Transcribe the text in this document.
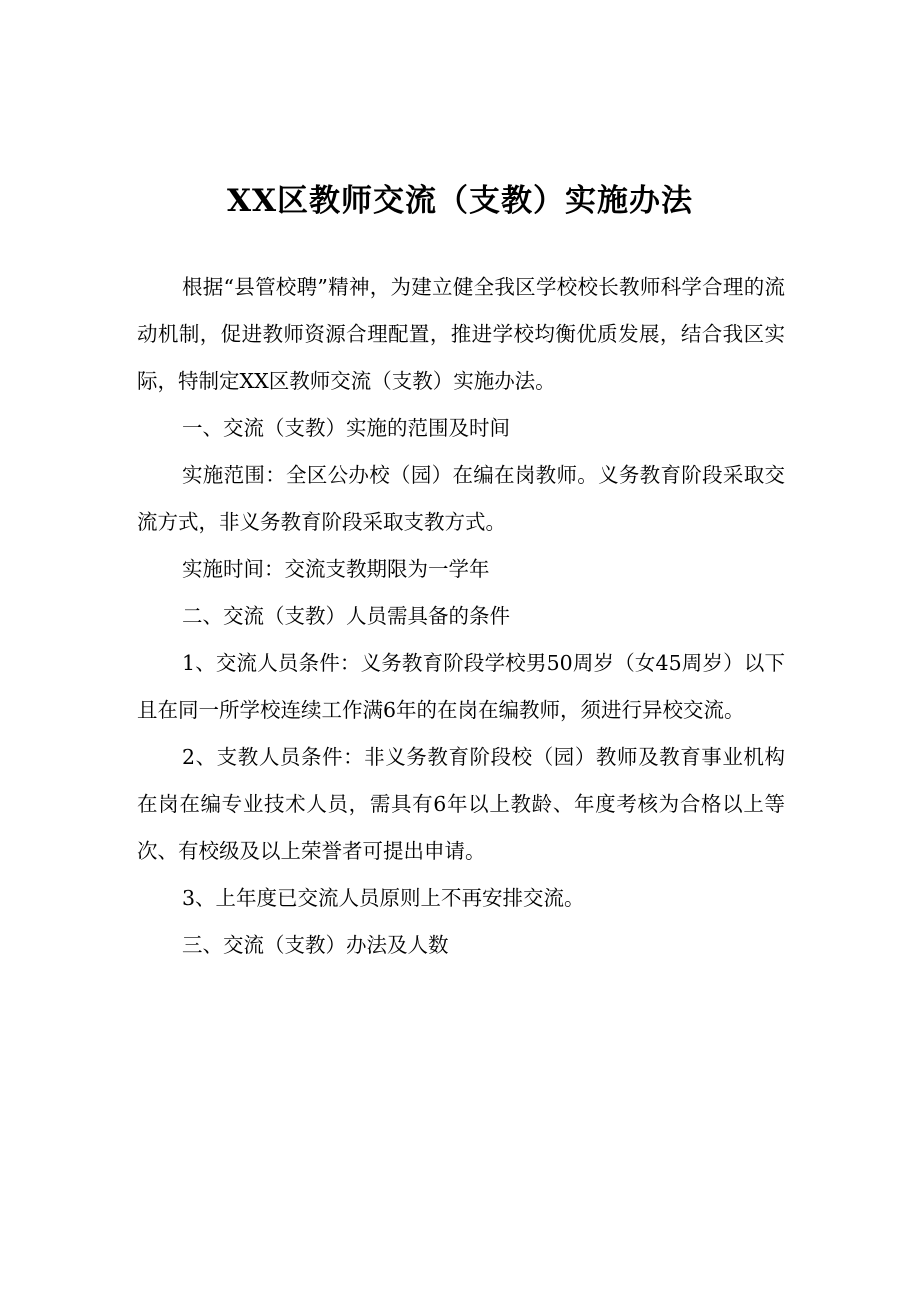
XX区教师交流（支教）实施办法

根据“县管校聘”精神，为建立健全我区学校校长教师科学合理的流动机制，促进教师资源合理配置，推进学校均衡优质发展，结合我区实际，特制定XX区教师交流（支教）实施办法。

一、交流（支教）实施的范围及时间

实施范围：全区公办校（园）在编在岗教师。义务教育阶段采取交流方式，非义务教育阶段采取支教方式。

实施时间：交流支教期限为一学年

二、交流（支教）人员需具备的条件

1、交流人员条件：义务教育阶段学校男50周岁（女45周岁）以下且在同一所学校连续工作满6年的在岗在编教师，须进行异校交流。

2、支教人员条件：非义务教育阶段校（园）教师及教育事业机构在岗在编专业技术人员，需具有6年以上教龄、年度考核为合格以上等次、有校级及以上荣誉者可提出申请。

3、上年度已交流人员原则上不再安排交流。

三、交流（支教）办法及人数
